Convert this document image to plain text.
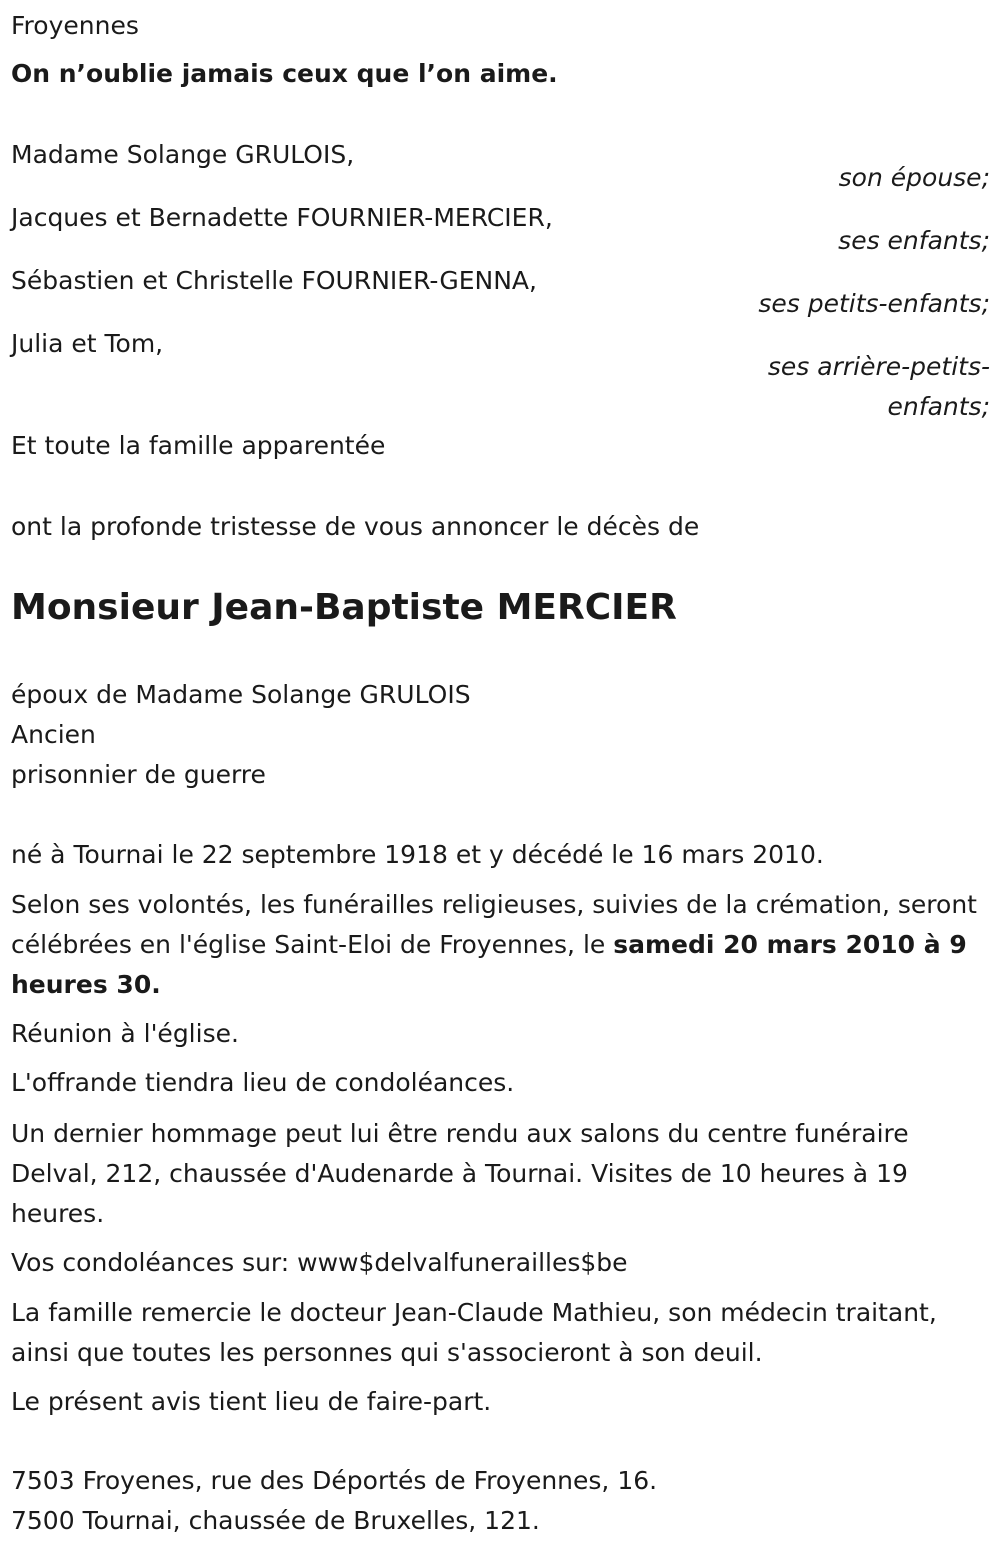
Froyennes
On n’oublie jamais ceux que l’on aime.
Madame Solange GRULOIS,
son épouse;
Jacques et Bernadette FOURNIER-MERCIER,
ses enfants;
Sébastien et Christelle FOURNIER-GENNA,
ses petits-enfants;
Julia et Tom,
ses arrière-petits-
enfants;
Et toute la famille apparentée
ont la profonde tristesse de vous annoncer le décès de
Monsieur Jean-Baptiste MERCIER
époux de Madame Solange GRULOIS
Ancien
prisonnier de guerre
né à Tournai le 22 septembre 1918 et y décédé le 16 mars 2010.
Selon ses volontés, les funérailles religieuses, suivies de la crémation, seront célébrées en l'église Saint-Eloi de Froyennes, le samedi 20 mars 2010 à 9 heures 30.
Réunion à l'église.
L'offrande tiendra lieu de condoléances.
Un dernier hommage peut lui être rendu aux salons du centre funéraire Delval, 212, chaussée d'Audenarde à Tournai. Visites de 10 heures à 19 heures.
Vos condoléances sur: www$delvalfunerailles$be
La famille remercie le docteur Jean-Claude Mathieu, son médecin traitant, ainsi que toutes les personnes qui s'associeront à son deuil.
Le présent avis tient lieu de faire-part.
7503 Froyenes, rue des Déportés de Froyennes, 16.
7500 Tournai, chaussée de Bruxelles, 121.
